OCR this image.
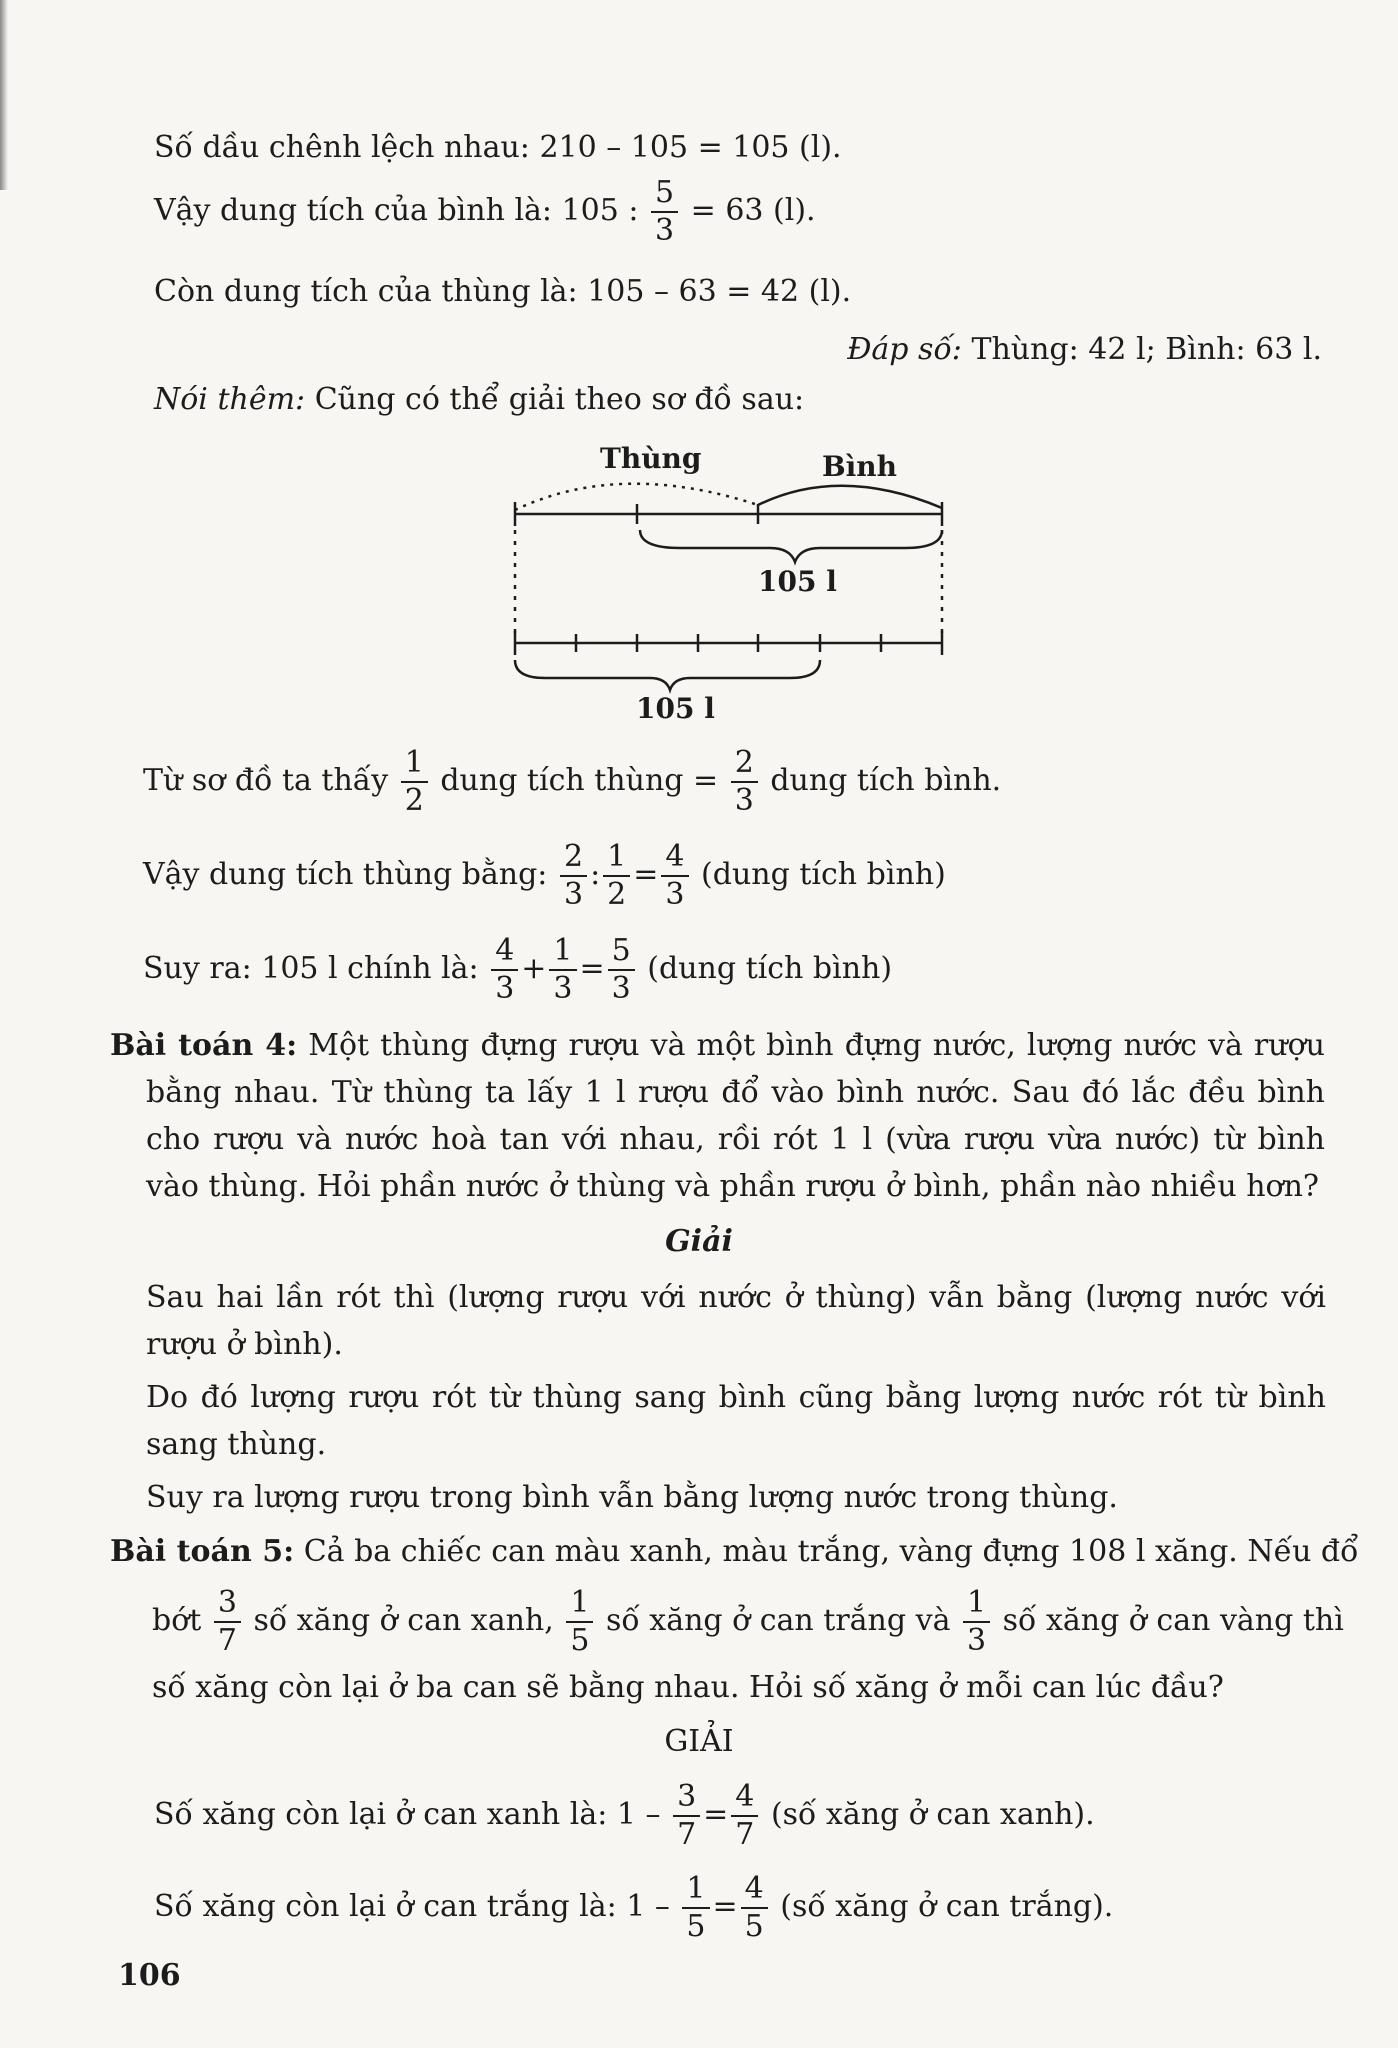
Số dầu chênh lệch nhau: 210 – 105 = 105 (l).
Vậy dung tích của bình là: 105 : $\frac{5}{3} = 63$ (l).
Còn dung tích của thùng là: 105 – 63 = 42 (l).
Đáp số: Thùng: 42 l; Bình: 63 l.
Nói thêm: Cũng có thể giải theo sơ đồ sau:
Thùng	Bình
105 l
105 l
Từ sơ đồ ta thấy $\frac{1}{2}$ dung tích thùng = $\frac{2}{3}$ dung tích bình.
Vậy dung tích thùng bằng: $\frac{2}{3}$ : $\frac{1}{2} = \frac{4}{3}$ (dung tích bình)
Suy ra: 105 l chính là: $\frac{4}{3} + \frac{1}{3} = \frac{5}{3}$ (dung tích bình)
Bài toán 4: Một thùng đựng rượu và một bình đựng nước, lượng nước và rượu bằng nhau. Từ thùng ta lấy 1 l rượu đổ vào bình nước. Sau đó lắc đều bình cho rượu và nước hoà tan với nhau, rồi rót 1 l (vừa rượu vừa nước) từ bình vào thùng. Hỏi phần nước ở thùng và phần rượu ở bình, phần nào nhiều hơn?
Giải
Sau hai lần rót thì (lượng rượu với nước ở thùng) vẫn bằng (lượng nước với rượu ở bình).
Do đó lượng rượu rót từ thùng sang bình cũng bằng lượng nước rót từ bình sang thùng.
Suy ra lượng rượu trong bình vẫn bằng lượng nước trong thùng.
Bài toán 5: Cả ba chiếc can màu xanh, màu trắng, vàng đựng 108 l xăng. Nếu đổ
bớt $\frac{3}{7}$ số xăng ở can xanh, $\frac{1}{5}$ số xăng ở can trắng và $\frac{1}{3}$ số xăng ở can vàng thì
số xăng còn lại ở ba can sẽ bằng nhau. Hỏi số xăng ở mỗi can lúc đầu?
GIẢI
Số xăng còn lại ở can xanh là: $1 - \frac{3}{7} = \frac{4}{7}$ (số xăng ở can xanh).
Số xăng còn lại ở can trắng là: $1 - \frac{1}{5} = \frac{4}{5}$ (số xăng ở can trắng).
106
